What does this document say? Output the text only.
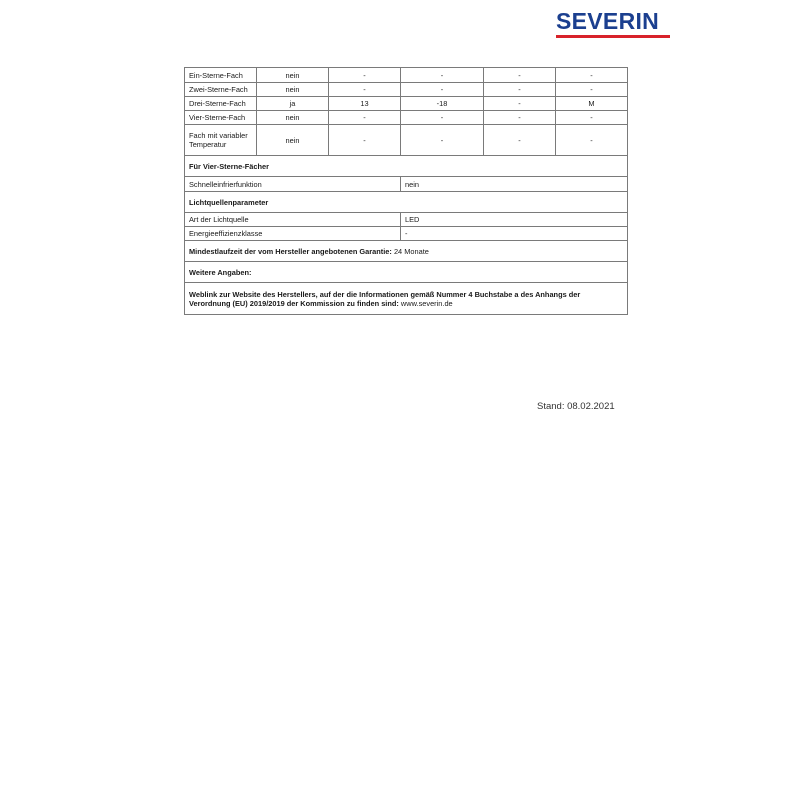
SEVERIN
Ein-Sterne-Fach	nein	-	-	-	-
Zwei-Sterne-Fach	nein	-	-	-	-
Drei-Sterne-Fach	ja	13	-18	-	M
Vier-Sterne-Fach	nein	-	-	-	-
Fach mit variabler Temperatur	nein	-	-	-	-
Für Vier-Sterne-Fächer					
Schnelleinfrierfunktion			nein		
Lichtquellenparameter					
Art der Lichtquelle			LED		
Energieeffizienzklasse			-		
Mindestlaufzeit der vom Hersteller angebotenen Garantie: 24 Monate					
Weitere Angaben:					
Weblink zur Website des Herstellers, auf der die Informationen gemäß Nummer 4 Buchstabe a des Anhangs der Verordnung (EU) 2019/2019 der Kommission zu finden sind: www.severin.de					
Stand: 08.02.2021
